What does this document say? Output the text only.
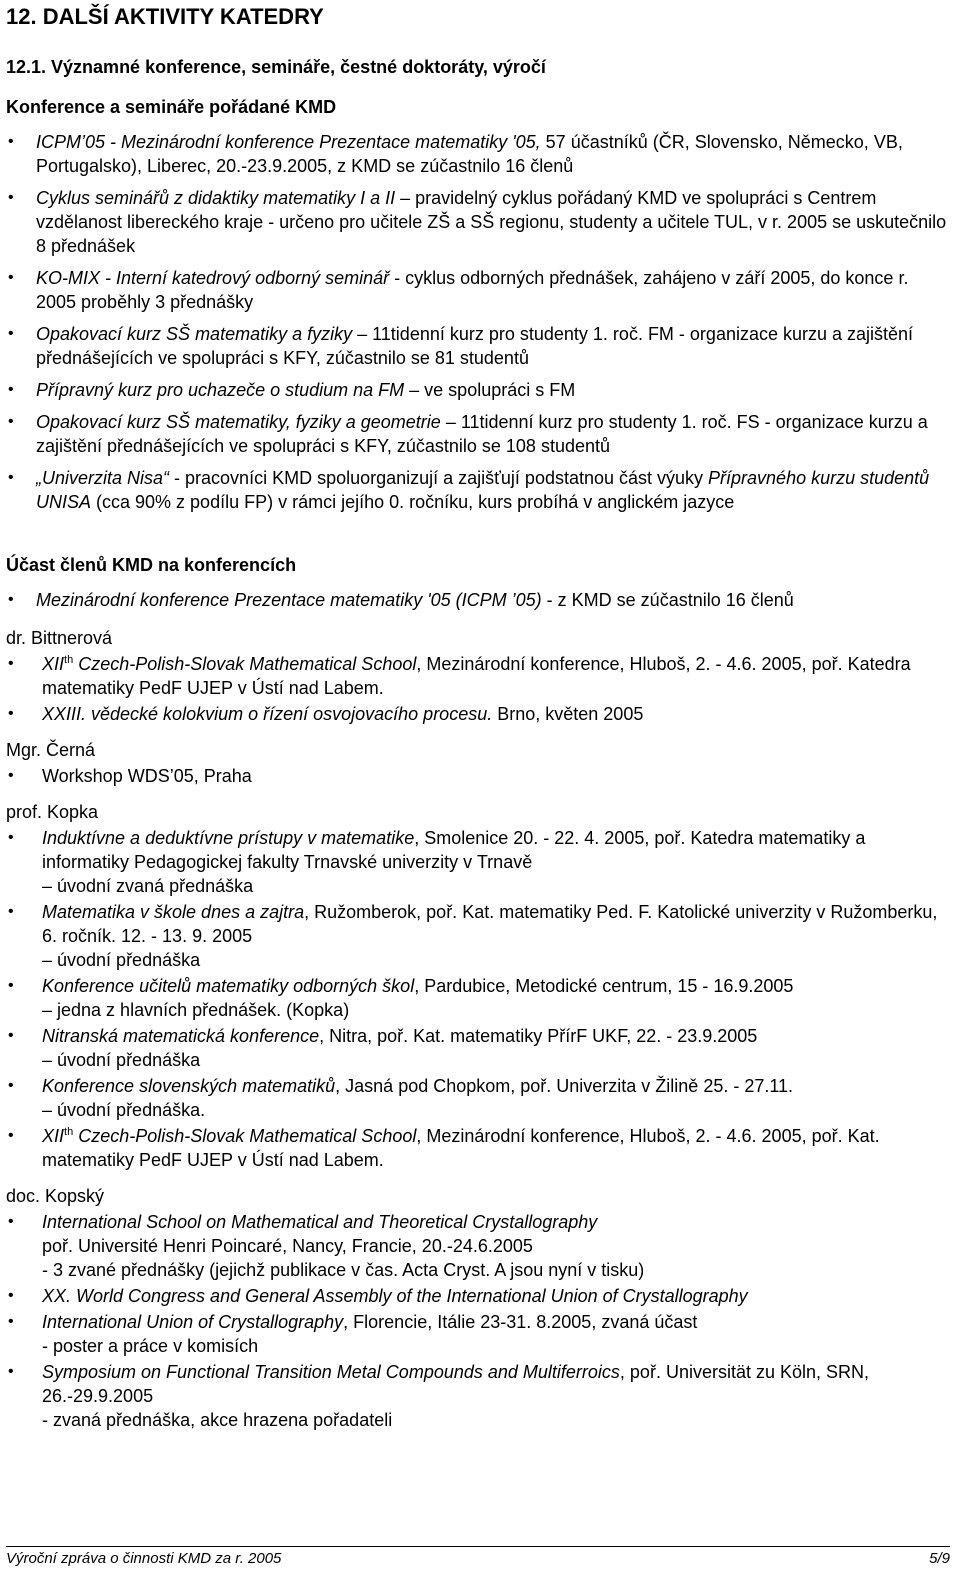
12. DALŠÍ AKTIVITY KATEDRY
12.1. Významné konference, semináře, čestné doktoráty, výročí
Konference a semináře pořádané KMD
• ICPM’05 - Mezinárodní konference Prezentace matematiky '05, 57 účastníků (ČR, Slovensko, Německo, VB, Portugalsko), Liberec, 20.-23.9.2005, z KMD se zúčastnilo 16 členů
• Cyklus seminářů z didaktiky matematiky I a II – pravidelný cyklus pořádaný KMD ve spolupráci s Centrem vzdělanost libereckého kraje - určeno pro učitele ZŠ a SŠ regionu, studenty a učitele TUL, v r. 2005 se uskutečnilo 8 přednášek
• KO-MIX - Interní katedrový odborný seminář - cyklus odborných přednášek, zahájeno v září 2005, do konce r. 2005 proběhly 3 přednášky
• Opakovací kurz SŠ matematiky a fyziky – 11tidenní kurz pro studenty 1. roč. FM - organizace kurzu a zajištění přednášejících ve spolupráci s KFY, zúčastnilo se 81 studentů
• Přípravný kurz pro uchazeče o studium na FM – ve spolupráci s FM
• Opakovací kurz SŠ matematiky, fyziky a geometrie – 11tidenní kurz pro studenty 1. roč. FS - organizace kurzu a zajištění přednášejících ve spolupráci s KFY, zúčastnilo se 108 studentů
• „Univerzita Nisa“ - pracovníci KMD spoluorganizují a zajišťují podstatnou část výuky Přípravného kurzu studentů UNISA (cca 90% z podílu FP) v rámci jejího 0. ročníku, kurs probíhá v anglickém jazyce
Účast členů KMD na konferencích
• Mezinárodní konference Prezentace matematiky '05 (ICPM ’05) - z KMD se zúčastnilo 16 členů
dr. Bittnerová
• XIIth Czech-Polish-Slovak Mathematical School, Mezinárodní konference, Hluboš, 2. - 4.6. 2005, poř. Katedra matematiky PedF UJEP v Ústí nad Labem.
• XXIII. vědecké kolokvium o řízení osvojovacího procesu. Brno, květen 2005
Mgr. Černá
• Workshop WDS’05, Praha
prof. Kopka
• Induktívne a deduktívne prístupy v matematike, Smolenice 20. - 22. 4. 2005, poř. Katedra matematiky a informatiky Pedagogickej fakulty Trnavské univerzity v Trnavě
– úvodní zvaná přednáška
• Matematika v škole dnes a zajtra, Ružomberok, poř. Kat. matematiky Ped. F. Katolické univerzity v Ružomberku, 6. ročník. 12. - 13. 9. 2005
– úvodní přednáška
• Konference učitelů matematiky odborných škol, Pardubice, Metodické centrum, 15 - 16.9.2005
– jedna z hlavních přednášek. (Kopka)
• Nitranská matematická konference, Nitra, poř. Kat. matematiky PřírF UKF, 22. - 23.9.2005
– úvodní přednáška
• Konference slovenských matematiků, Jasná pod Chopkom, poř. Univerzita v Žilině 25. - 27.11.
– úvodní přednáška.
• XIIth Czech-Polish-Slovak Mathematical School, Mezinárodní konference, Hluboš, 2. - 4.6. 2005, poř. Kat. matematiky PedF UJEP v Ústí nad Labem.
doc. Kopský
• International School on Mathematical and Theoretical Crystallography
poř. Université Henri Poincaré, Nancy, Francie, 20.-24.6.2005
- 3 zvané přednášky (jejichž publikace v čas. Acta Cryst. A jsou nyní v tisku)
• XX. World Congress and General Assembly of the International Union of Crystallography
• International Union of Crystallography, Florencie, Itálie 23-31. 8.2005, zvaná účast
- poster a práce v komisích
• Symposium on Functional Transition Metal Compounds and Multiferroics, poř. Universität zu Köln, SRN, 26.-29.9.2005
- zvaná přednáška, akce hrazena pořadateli
Výroční zpráva o činnosti KMD za r. 2005	5/9
